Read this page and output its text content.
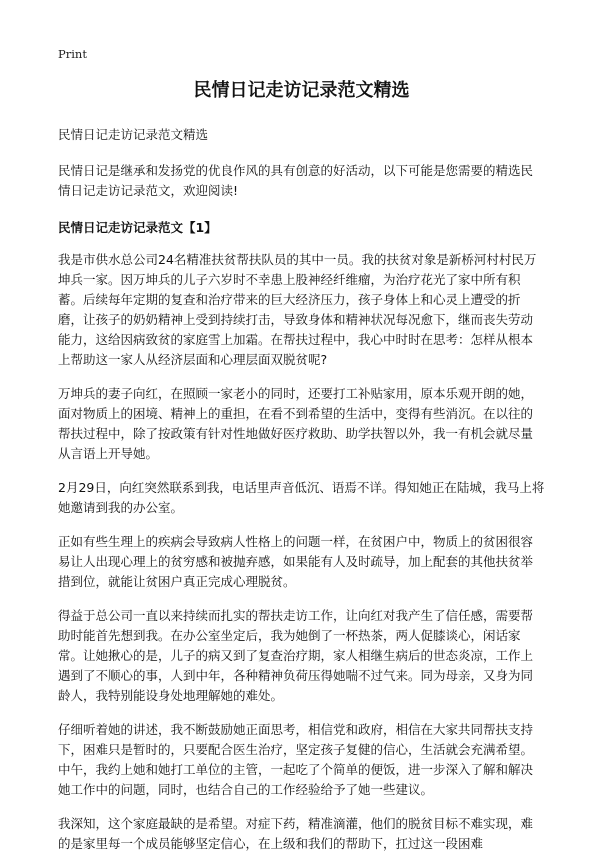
Print
民情日记走访记录范文精选

民情日记走访记录范文精选

民情日记是继承和发扬党的优良作风的具有创意的好活动，以下可能是您需要的精选民情日记走访记录范文，欢迎阅读!

民情日记走访记录范文【1】

我是市供水总公司24名精准扶贫帮扶队员的其中一员。我的扶贫对象是新桥河村村民万坤兵一家。因万坤兵的儿子六岁时不幸患上股神经纤维瘤，为治疗花光了家中所有积蓄。后续每年定期的复查和治疗带来的巨大经济压力，孩子身体上和心灵上遭受的折磨，让孩子的奶奶精神上受到持续打击，导致身体和精神状况每况愈下，继而丧失劳动能力，这给因病致贫的家庭雪上加霜。在帮扶过程中，我心中时时在思考：怎样从根本上帮助这一家人从经济层面和心理层面双脱贫呢?

万坤兵的妻子向红，在照顾一家老小的同时，还要打工补贴家用，原本乐观开朗的她，面对物质上的困境、精神上的重担，在看不到希望的生活中，变得有些消沉。在以往的帮扶过程中，除了按政策有针对性地做好医疗救助、助学扶智以外，我一有机会就尽量从言语上开导她。

2月29日，向红突然联系到我，电话里声音低沉、语焉不详。得知她正在陆城，我马上将她邀请到我的办公室。

正如有些生理上的疾病会导致病人性格上的问题一样，在贫困户中，物质上的贫困很容易让人出现心理上的贫穷感和被抛弃感，如果能有人及时疏导，加上配套的其他扶贫举措到位，就能让贫困户真正完成心理脱贫。

得益于总公司一直以来持续而扎实的帮扶走访工作，让向红对我产生了信任感，需要帮助时能首先想到我。在办公室坐定后，我为她倒了一杯热茶，两人促膝谈心，闲话家常。让她揪心的是，儿子的病又到了复查治疗期，家人相继生病后的世态炎凉，工作上遇到了不顺心的事，人到中年，各种精神负荷压得她喘不过气来。同为母亲，又身为同龄人，我特别能设身处地理解她的难处。

仔细听着她的讲述，我不断鼓励她正面思考，相信党和政府，相信在大家共同帮扶支持下，困难只是暂时的，只要配合医生治疗，坚定孩子复健的信心，生活就会充满希望。中午，我约上她和她打工单位的主管，一起吃了个简单的便饭，进一步深入了解和解决她工作中的问题，同时，也结合自己的工作经验给予了她一些建议。

我深知，这个家庭最缺的是希望。对症下药，精准滴灌，他们的脱贫目标不难实现，难的是家里每一个成员能够坚定信心，在上级和我们的帮助下，扛过这一段困难
